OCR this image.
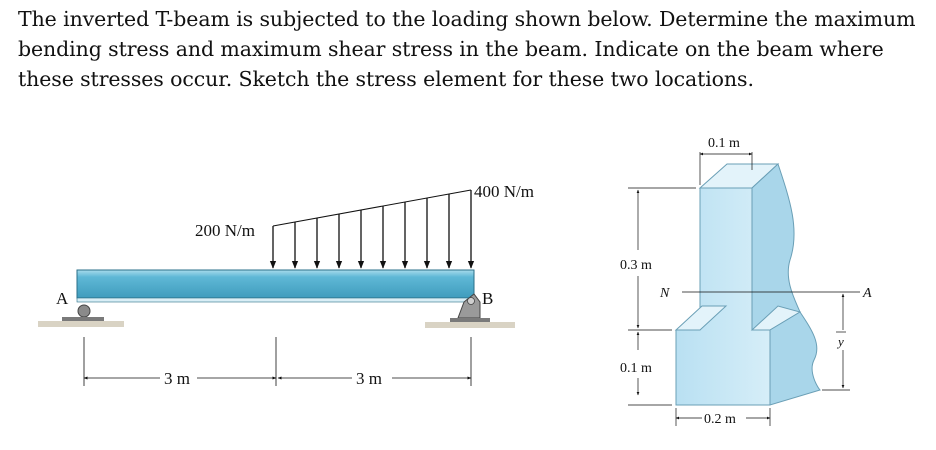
The inverted T-beam is subjected to the loading shown below. Determine the maximum
bending stress and maximum shear stress in the beam. Indicate on the beam where
these stresses occur. Sketch the stress element for these two locations.
200 N/m
400 N/m
A	B
3 m	3 m
N	A
0.1 m
0.3 m
0.1 m
0.2 m
y
